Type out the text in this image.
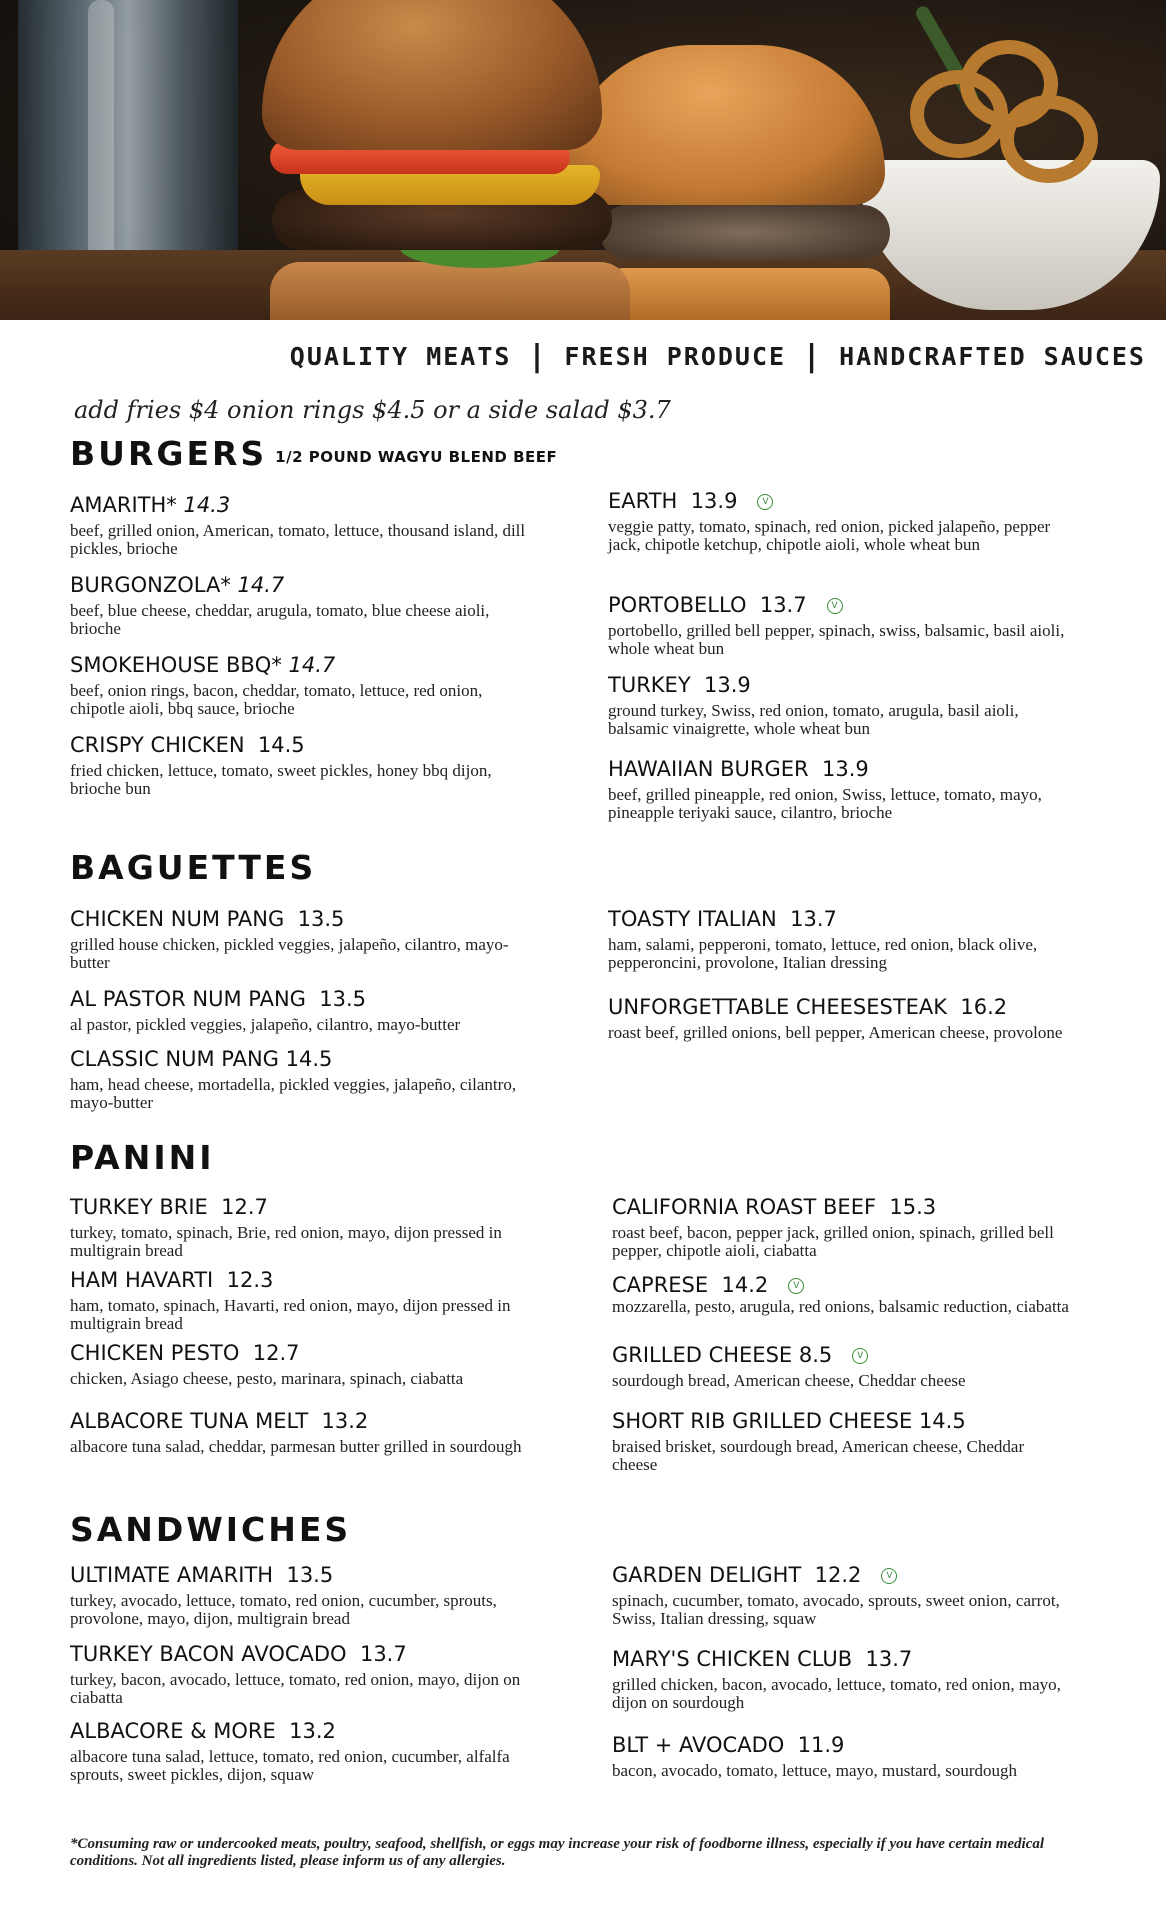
QUALITY MEATS | FRESH PRODUCE | HANDCRAFTED SAUCES
add fries $4 onion rings $4.5 or a side salad $3.7
BURGERS 1/2 POUND WAGYU BLEND BEEF
AMARITH* 14.3
beef, grilled onion, American, tomato, lettuce, thousand island, dill pickles, brioche
BURGONZOLA* 14.7
beef, blue cheese, cheddar, arugula, tomato, blue cheese aioli, brioche
SMOKEHOUSE BBQ* 14.7
beef, onion rings, bacon, cheddar, tomato, lettuce, red onion, chipotle aioli, bbq sauce, brioche
CRISPY CHICKEN 14.5
fried chicken, lettuce, tomato, sweet pickles, honey bbq dijon, brioche bun
EARTH 13.9	V
veggie patty, tomato, spinach, red onion, picked jalapeño, pepper jack, chipotle ketchup, chipotle aioli, whole wheat bun
PORTOBELLO 13.7	V
portobello, grilled bell pepper, spinach, swiss, balsamic, basil aioli, whole wheat bun
TURKEY 13.9
ground turkey, Swiss, red onion, tomato, arugula, basil aioli, balsamic vinaigrette, whole wheat bun
HAWAIIAN BURGER 13.9
beef, grilled pineapple, red onion, Swiss, lettuce, tomato, mayo, pineapple teriyaki sauce, cilantro, brioche
BAGUETTES
CHICKEN NUM PANG 13.5
grilled house chicken, pickled veggies, jalapeño, cilantro, mayo-butter
AL PASTOR NUM PANG 13.5
al pastor, pickled veggies, jalapeño, cilantro, mayo-butter
CLASSIC NUM PANG 14.5
ham, head cheese, mortadella, pickled veggies, jalapeño, cilantro, mayo-butter
TOASTY ITALIAN 13.7
ham, salami, pepperoni, tomato, lettuce, red onion, black olive, pepperoncini, provolone, Italian dressing
UNFORGETTABLE CHEESESTEAK 16.2
roast beef, grilled onions, bell pepper, American cheese, provolone
PANINI
TURKEY BRIE 12.7
turkey, tomato, spinach, Brie, red onion, mayo, dijon pressed in multigrain bread
HAM HAVARTI 12.3
ham, tomato, spinach, Havarti, red onion, mayo, dijon pressed in multigrain bread
CHICKEN PESTO 12.7
chicken, Asiago cheese, pesto, marinara, spinach, ciabatta
ALBACORE TUNA MELT 13.2
albacore tuna salad, cheddar, parmesan butter grilled in sourdough
CALIFORNIA ROAST BEEF 15.3
roast beef, bacon, pepper jack, grilled onion, spinach, grilled bell pepper, chipotle aioli, ciabatta
CAPRESE 14.2	V
mozzarella, pesto, arugula, red onions, balsamic reduction, ciabatta
GRILLED CHEESE 8.5	V
sourdough bread, American cheese, Cheddar cheese
SHORT RIB GRILLED CHEESE 14.5
braised brisket, sourdough bread, American cheese, Cheddar cheese
SANDWICHES
ULTIMATE AMARITH 13.5
turkey, avocado, lettuce, tomato, red onion, cucumber, sprouts, provolone, mayo, dijon, multigrain bread
TURKEY BACON AVOCADO 13.7
turkey, bacon, avocado, lettuce, tomato, red onion, mayo, dijon on ciabatta
ALBACORE & MORE 13.2
albacore tuna salad, lettuce, tomato, red onion, cucumber, alfalfa sprouts, sweet pickles, dijon, squaw
GARDEN DELIGHT 12.2	V
spinach, cucumber, tomato, avocado, sprouts, sweet onion, carrot, Swiss, Italian dressing, squaw
MARY'S CHICKEN CLUB 13.7
grilled chicken, bacon, avocado, lettuce, tomato, red onion, mayo, dijon on sourdough
BLT + AVOCADO 11.9
bacon, avocado, tomato, lettuce, mayo, mustard, sourdough
*Consuming raw or undercooked meats, poultry, seafood, shellfish, or eggs may increase your risk of foodborne illness, especially if you have certain medical conditions. Not all ingredients listed, please inform us of any allergies.
